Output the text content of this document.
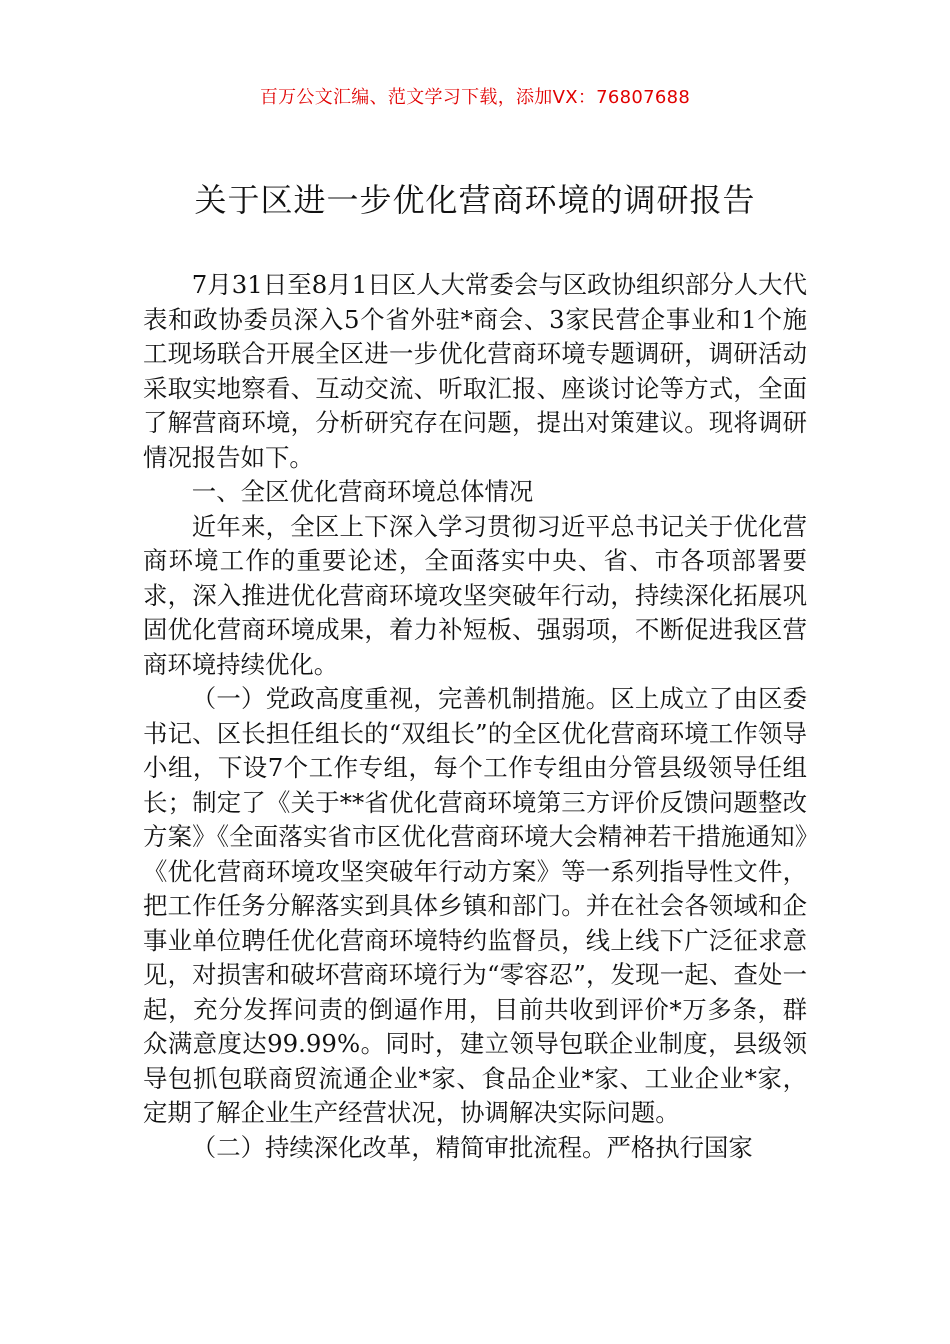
百万公文汇编、范文学习下载，添加VX：76807688
关于区进一步优化营商环境的调研报告

7月31日至8月1日区人大常委会与区政协组织部分人大代表和政协委员深入5个省外驻*商会、3家民营企事业和1个施工现场联合开展全区进一步优化营商环境专题调研，调研活动采取实地察看、互动交流、听取汇报、座谈讨论等方式，全面了解营商环境，分析研究存在问题，提出对策建议。现将调研情况报告如下。

一、全区优化营商环境总体情况

近年来，全区上下深入学习贯彻习近平总书记关于优化营商环境工作的重要论述，全面落实中央、省、市各项部署要求，深入推进优化营商环境攻坚突破年行动，持续深化拓展巩固优化营商环境成果，着力补短板、强弱项，不断促进我区营商环境持续优化。

（一）党政高度重视，完善机制措施。区上成立了由区委书记、区长担任组长的“双组长”的全区优化营商环境工作领导小组，下设7个工作专组，每个工作专组由分管县级领导任组长；制定了《关于**省优化营商环境第三方评价反馈问题整改方案》《全面落实省市区优化营商环境大会精神若干措施通知》《优化营商环境攻坚突破年行动方案》等一系列指导性文件，把工作任务分解落实到具体乡镇和部门。并在社会各领域和企事业单位聘任优化营商环境特约监督员，线上线下广泛征求意见，对损害和破坏营商环境行为“零容忍”，发现一起、查处一起，充分发挥问责的倒逼作用，目前共收到评价*万多条，群众满意度达99.99%。同时，建立领导包联企业制度，县级领导包抓包联商贸流通企业*家、食品企业*家、工业企业*家，定期了解企业生产经营状况，协调解决实际问题。

（二）持续深化改革，精简审批流程。严格执行国家
